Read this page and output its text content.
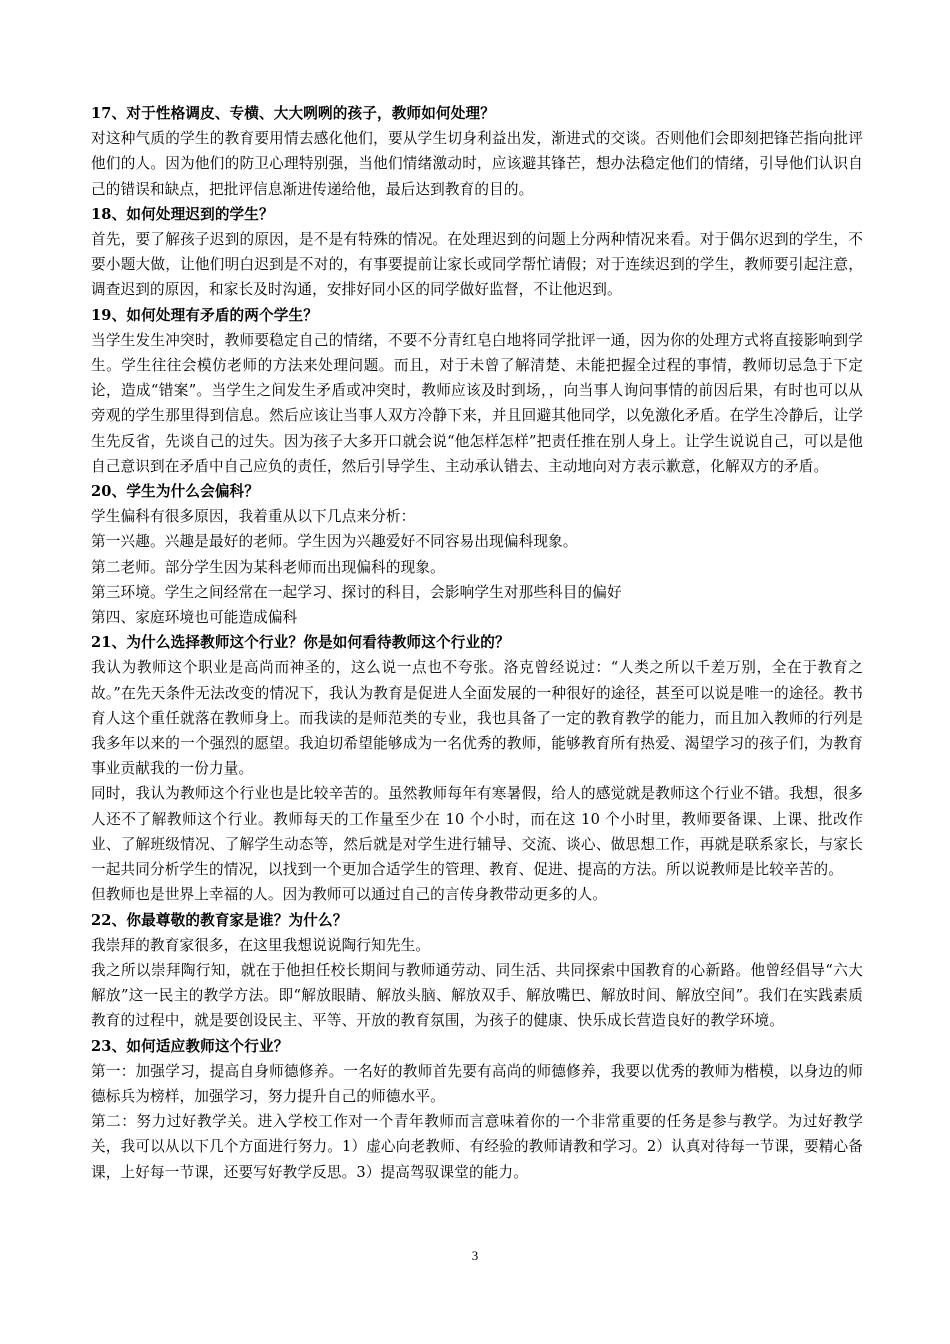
17、对于性格调皮、专横、大大咧咧的孩子，教师如何处理？
对这种气质的学生的教育要用情去感化他们，要从学生切身利益出发，渐进式的交谈。否则他们会即刻把锋芒指向批评他们的人。因为他们的防卫心理特别强，当他们情绪激动时，应该避其锋芒，想办法稳定他们的情绪，引导他们认识自己的错误和缺点，把批评信息渐进传递给他，最后达到教育的目的。
18、如何处理迟到的学生？
首先，要了解孩子迟到的原因，是不是有特殊的情况。在处理迟到的问题上分两种情况来看。对于偶尔迟到的学生，不要小题大做，让他们明白迟到是不对的，有事要提前让家长或同学帮忙请假；对于连续迟到的学生，教师要引起注意，调查迟到的原因，和家长及时沟通，安排好同小区的同学做好监督，不让他迟到。
19、如何处理有矛盾的两个学生？
当学生发生冲突时，教师要稳定自己的情绪，不要不分青红皂白地将同学批评一通，因为你的处理方式将直接影响到学生。学生往往会模仿老师的方法来处理问题。而且，对于未曾了解清楚、未能把握全过程的事情，教师切忌急于下定论，造成“错案”。当学生之间发生矛盾或冲突时，教师应该及时到场，，向当事人询问事情的前因后果，有时也可以从旁观的学生那里得到信息。然后应该让当事人双方冷静下来，并且回避其他同学，以免激化矛盾。在学生冷静后，让学生先反省，先谈自己的过失。因为孩子大多开口就会说“他怎样怎样”把责任推在别人身上。让学生说说自己，可以是他自己意识到在矛盾中自己应负的责任，然后引导学生、主动承认错去、主动地向对方表示歉意，化解双方的矛盾。
20、学生为什么会偏科？
学生偏科有很多原因，我着重从以下几点来分析：
第一兴趣。兴趣是最好的老师。学生因为兴趣爱好不同容易出现偏科现象。
第二老师。部分学生因为某科老师而出现偏科的现象。
第三环境。学生之间经常在一起学习、探讨的科目，会影响学生对那些科目的偏好
第四、家庭环境也可能造成偏科
21、为什么选择教师这个行业？你是如何看待教师这个行业的？
我认为教师这个职业是高尚而神圣的，这么说一点也不夸张。洛克曾经说过：“人类之所以千差万别，全在于教育之故。”在先天条件无法改变的情况下，我认为教育是促进人全面发展的一种很好的途径，甚至可以说是唯一的途径。教书育人这个重任就落在教师身上。而我读的是师范类的专业，我也具备了一定的教育教学的能力，而且加入教师的行列是我多年以来的一个强烈的愿望。我迫切希望能够成为一名优秀的教师，能够教育所有热爱、渴望学习的孩子们，为教育事业贡献我的一份力量。
同时，我认为教师这个行业也是比较辛苦的。虽然教师每年有寒暑假，给人的感觉就是教师这个行业不错。我想，很多人还不了解教师这个行业。教师每天的工作量至少在 10 个小时，而在这 10 个小时里，教师要备课、上课、批改作业、了解班级情况、了解学生动态等，然后就是对学生进行辅导、交流、谈心、做思想工作，再就是联系家长，与家长一起共同分析学生的情况，以找到一个更加合适学生的管理、教育、促进、提高的方法。所以说教师是比较辛苦的。
但教师也是世界上幸福的人。因为教师可以通过自己的言传身教带动更多的人。
22、你最尊敬的教育家是谁？为什么？
我崇拜的教育家很多，在这里我想说说陶行知先生。
我之所以崇拜陶行知，就在于他担任校长期间与教师通劳动、同生活、共同探索中国教育的心新路。他曾经倡导“六大解放”这一民主的教学方法。即“解放眼睛、解放头脑、解放双手、解放嘴巴、解放时间、解放空间”。我们在实践素质教育的过程中，就是要创设民主、平等、开放的教育氛围，为孩子的健康、快乐成长营造良好的教学环境。
23、如何适应教师这个行业？
第一：加强学习，提高自身师德修养。一名好的教师首先要有高尚的师德修养，我要以优秀的教师为楷模，以身边的师德标兵为榜样，加强学习，努力提升自己的师德水平。
第二：努力过好教学关。进入学校工作对一个青年教师而言意味着你的一个非常重要的任务是参与教学。为过好教学关，我可以从以下几个方面进行努力。1）虚心向老教师、有经验的教师请教和学习。2）认真对待每一节课，要精心备课，上好每一节课，还要写好教学反思。3）提高驾驭课堂的能力。
3
